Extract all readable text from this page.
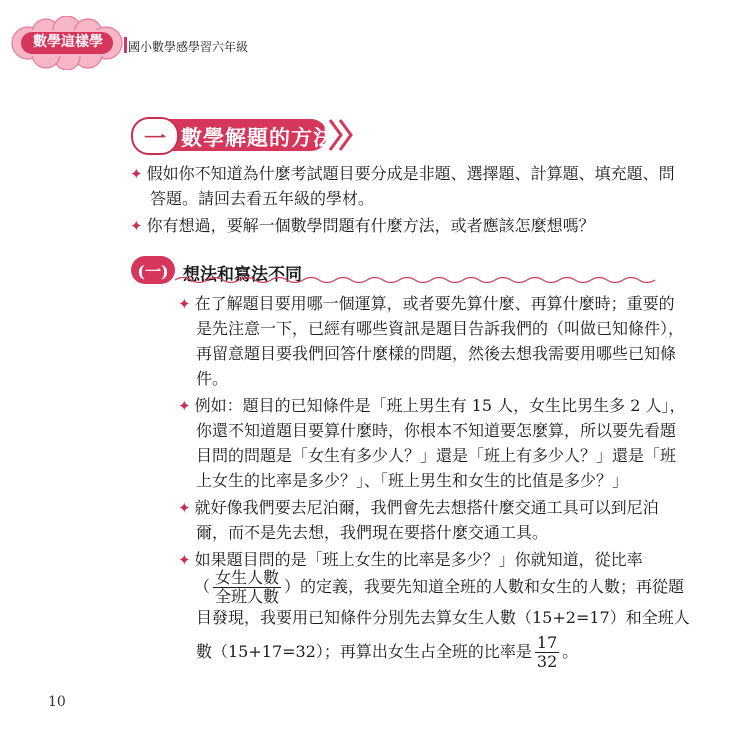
數學這樣學	國小數學感學習六年級
一 數學解題的方法
✦ 假如你不知道為什麼考試題目要分成是非題、選擇題、計算題、填充題、問
答題。請回去看五年級的學材。
✦ 你有想過，要解一個數學問題有什麼方法，或者應該怎麼想嗎？
(一) 想法和寫法不同
✦ 在了解題目要用哪一個運算，或者要先算什麼、再算什麼時；重要的
是先注意一下，已經有哪些資訊是題目告訴我們的（叫做已知條件），
再留意題目要我們回答什麼樣的問題，然後去想我需要用哪些已知條
件。
✦ 例如：題目的已知條件是「班上男生有 15 人，女生比男生多 2 人」，
你還不知道題目要算什麼時，你根本不知道要怎麼算，所以要先看題
目問的問題是「女生有多少人？」還是「班上有多少人？」還是「班
上女生的比率是多少？」、「班上男生和女生的比值是多少？」
✦ 就好像我們要去尼泊爾，我們會先去想搭什麼交通工具可以到尼泊
爾，而不是先去想，我們現在要搭什麼交通工具。
✦ 如果題目問的是「班上女生的比率是多少？」你就知道，從比率
（ $\frac{\text{女生人數}}{\text{全班人數}}$ ）的定義，我要先知道全班的人數和女生的人數；再從題
目發現，我要用已知條件分別先去算女生人數（15+2=17）和全班人
數（15+17=32）；再算出女生占全班的比率是 $\frac{17}{32}$ 。
10
